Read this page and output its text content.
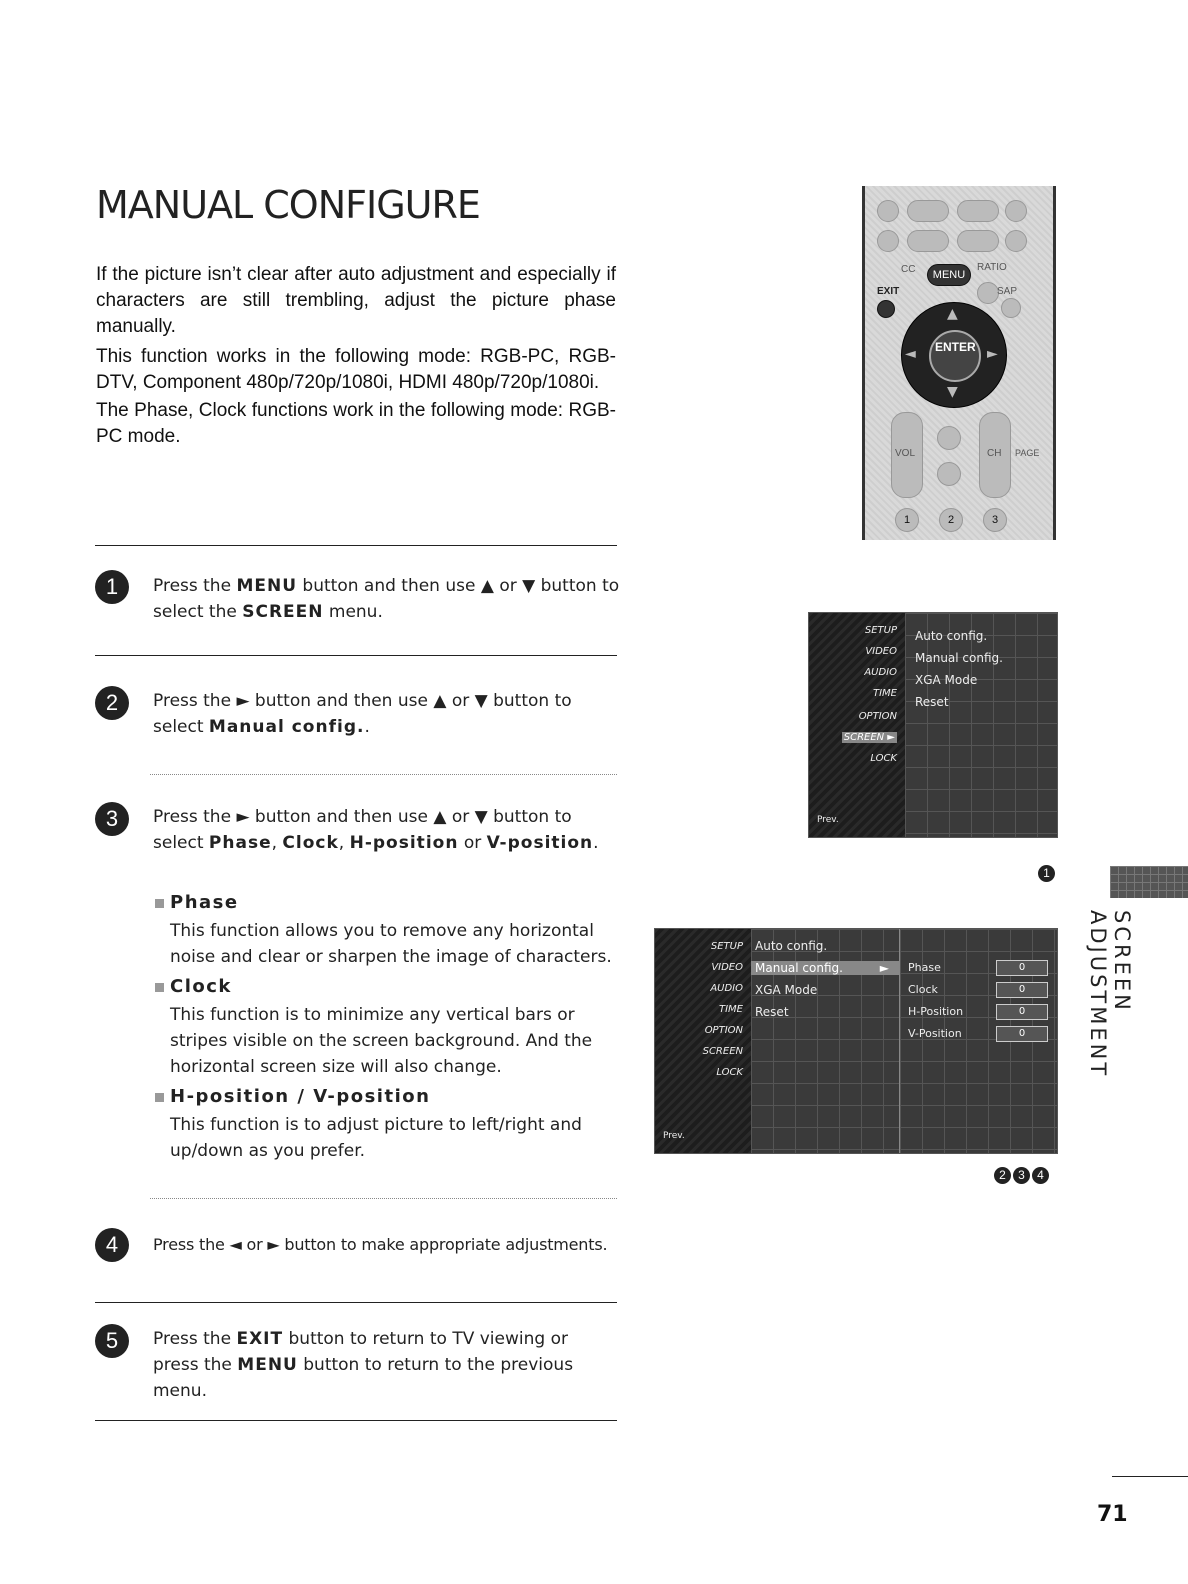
MANUAL CONFIGURE

If the picture isn’t clear after auto adjustment and especially if characters are still trembling, adjust the picture phase manually.

This function works in the following mode: RGB-PC, RGB-DTV, Component 480p/720p/1080i, HDMI 480p/720p/1080i.

The Phase, Clock functions work in the following mode: RGB-PC mode.

CC	MENU
RATIO
EXIT	SAP
▲
▼
◄	►
ENTER
VOL	CH PAGE
1	2	3
1	Press the MENU button and then use ▲ or ▼ button to select the SCREEN menu.

2	Press the ► button and then use ▲ or ▼ button to select Manual config..

3	Press the ► button and then use ▲ or ▼ button to select Phase, Clock, H-position or V-position.

Phase

This function allows you to remove any horizontal noise and clear or sharpen the image of characters.

Clock

This function is to minimize any vertical bars or stripes visible on the screen background. And the horizontal screen size will also change.

H-position / V-position

This function is to adjust picture to left/right and up/down as you prefer.

4	Press the ◄ or ► button to make appropriate adjustments.

5	Press the EXIT button to return to TV viewing or press the MENU button to return to the previous menu.

SETUP
VIDEO
AUDIO
TIME
OPTION
SCREEN ►
LOCK
Prev.
Auto config.
Manual config.
XGA Mode
Reset
1
SETUP
VIDEO
AUDIO
TIME
OPTION
SCREEN
LOCK
Prev.
Auto config.
Manual config.	►
XGA Mode
Reset
Phase	0
Clock	0
H-Position	0
V-Position	0
2 3 4
SCREEN ADJUSTMENT
71
